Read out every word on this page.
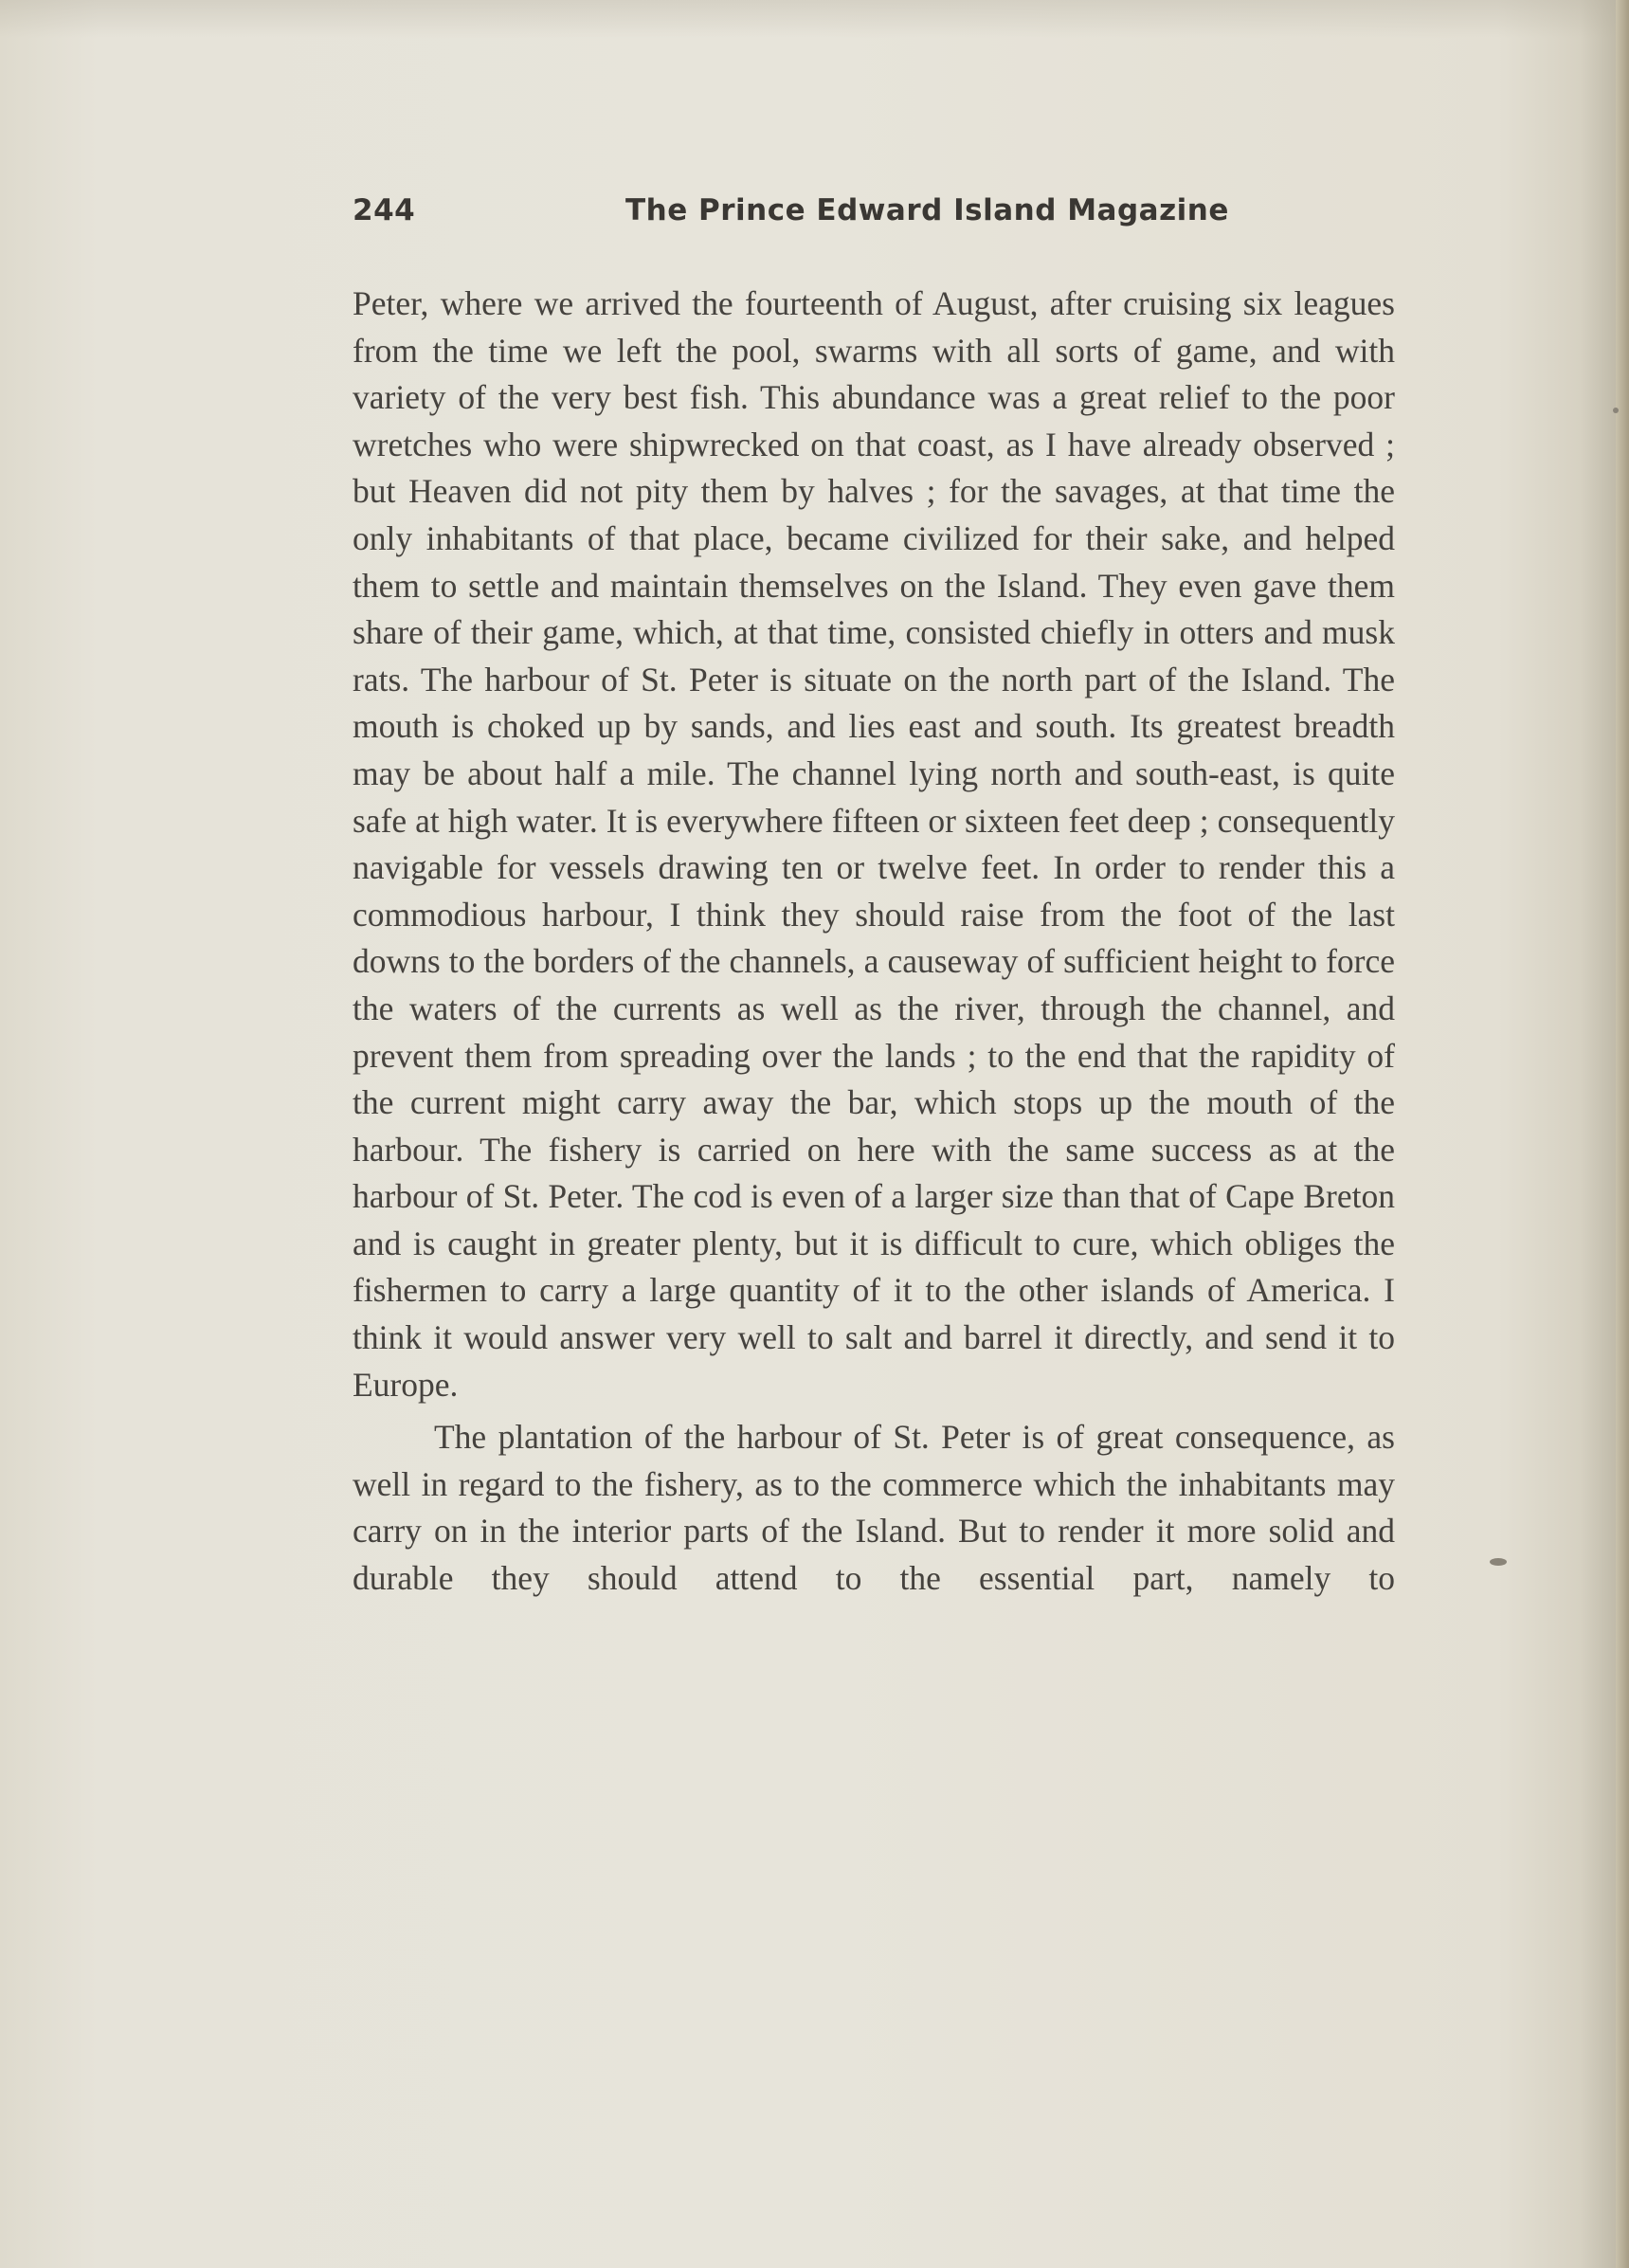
244	The Prince Edward Island Magazine

Peter, where we arrived the fourteenth of August, after cruising six leagues from the time we left the pool, swarms with all sorts of game, and with variety of the very best fish. This abundance was a great relief to the poor wretches who were shipwrecked on that coast, as I have already observed ; but Heaven did not pity them by halves ; for the savages, at that time the only inhabitants of that place, became civilized for their sake, and helped them to settle and maintain themselves on the Island. They even gave them share of their game, which, at that time, consisted chiefly in otters and musk rats. The harbour of St. Peter is situate on the north part of the Island. The mouth is choked up by sands, and lies east and south. Its greatest breadth may be about half a mile. The channel lying north and south-east, is quite safe at high water. It is everywhere fifteen or sixteen feet deep ; consequently navigable for vessels drawing ten or twelve feet. In order to render this a commodious harbour, I think they should raise from the foot of the last downs to the borders of the channels, a causeway of sufficient height to force the waters of the currents as well as the river, through the channel, and prevent them from spreading over the lands ; to the end that the rapidity of the current might carry away the bar, which stops up the mouth of the harbour. The fishery is carried on here with the same success as at the harbour of St. Peter. The cod is even of a larger size than that of Cape Breton and is caught in greater plenty, but it is difficult to cure, which obliges the fishermen to carry a large quantity of it to the other islands of America. I think it would answer very well to salt and barrel it directly, and send it to Europe.

The plantation of the harbour of St. Peter is of great consequence, as well in regard to the fishery, as to the commerce which the inhabitants may carry on in the interior parts of the Island. But to render it more solid and durable they should attend to the essential part, namely to
